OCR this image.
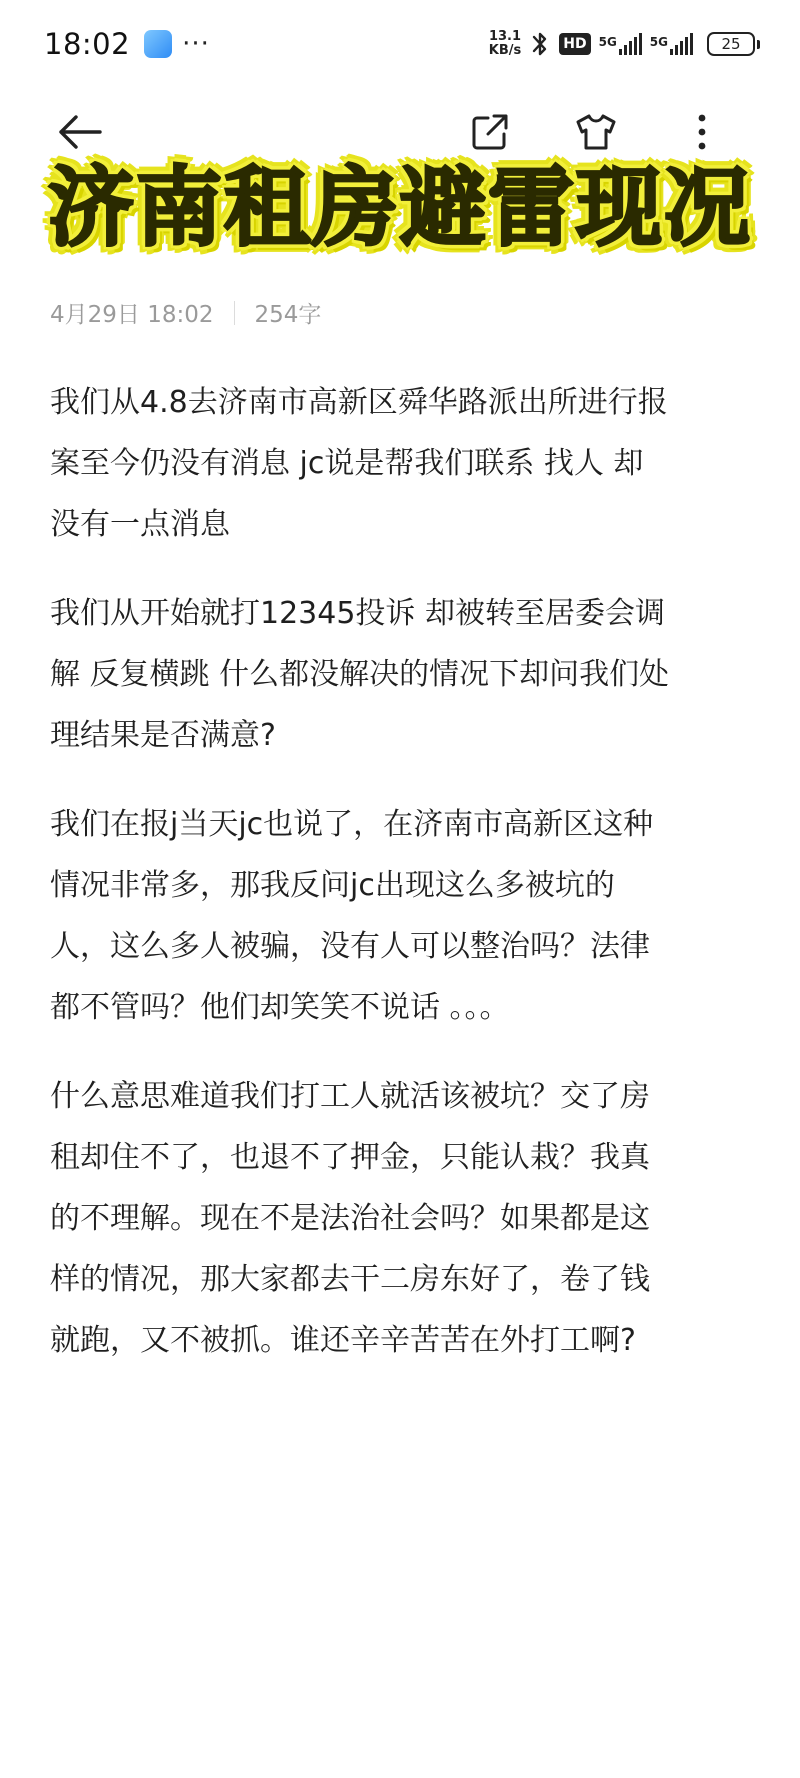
18:02 ···	13.1
KB/s	HD	5G	5G	25
济南租房避雷现况
4月29日 18:02 254字

我们从4.8去济南市高新区舜华路派出所进行报
案至今仍没有消息 jc说是帮我们联系 找人 却
没有一点消息

我们从开始就打12345投诉 却被转至居委会调
解 反复横跳 什么都没解决的情况下却问我们处
理结果是否满意?

我们在报j当天jc也说了，在济南市高新区这种
情况非常多，那我反问jc出现这么多被坑的
人，这么多人被骗，没有人可以整治吗？法律
都不管吗？他们却笑笑不说话 。。。

什么意思难道我们打工人就活该被坑？交了房
租却住不了，也退不了押金，只能认栽？我真
的不理解。现在不是法治社会吗？如果都是这
样的情况，那大家都去干二房东好了，卷了钱
就跑，又不被抓。谁还辛辛苦苦在外打工啊?
